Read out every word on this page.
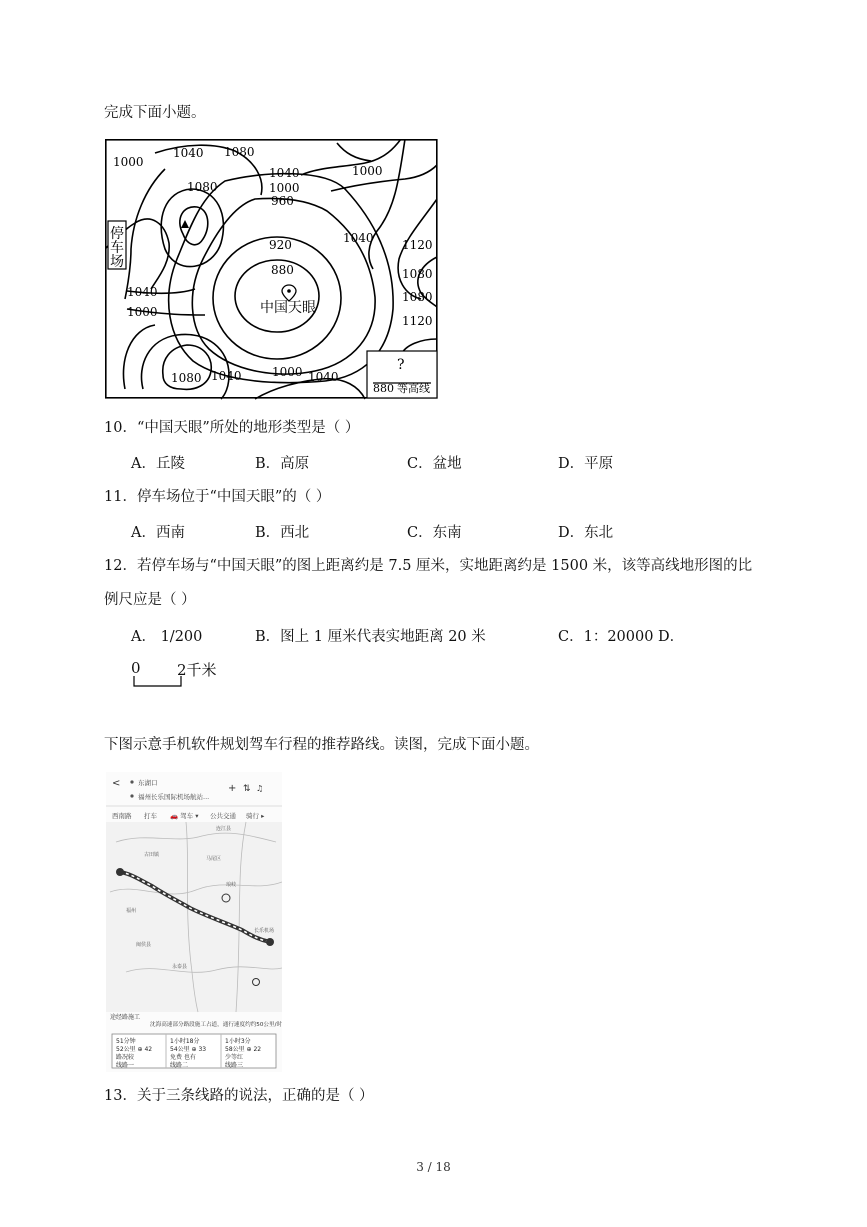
完成下面小题。
1000
1040 1080
1080
1040
1000
960
1000
1040 1120
920
880	1080
1040
1000
1080
1120
1080 1040	1000 1040
停
车
场
中国天眼
?
880 等高线
10．“中国天眼”所处的地形类型是（ ）
A．丘陵	B．高原	C．盆地	D．平原
11．停车场位于“中国天眼”的（ ）
A．西南	B．西北	C．东南	D．东北
12．若停车场与“中国天眼”的图上距离约是 7.5 厘米，实地距离约是 1500 米，该等高线地形图的比
例尺应是（ ）
A． 1/200	B．图上 1 厘米代表实地距离 20 米	C．1：20000 D．
0 2千米
下图示意手机软件规划驾车行程的推荐路线。读图，完成下面小题。
<	东湖口
福州长乐国际机场航站...
+ ⇅ ♫
西南路 打车 🚗 驾车 ▾ 公共交通 骑行 ▸
连江县
古田镇
马尾区
长乐机场
琅岐
福州
永泰县
闽侯县
途经路施工
沈海高速部分路段施工占道，通行速度约约50公里/时
51分钟
52公里 ⊕ 42
路况较
线路一
1小时18分
54公里 ⊕ 33
免费 也有
线路二
1小时3分
58公里 ⊕ 22
少等红
线路三
13．关于三条线路的说法，正确的是（ ）
3 / 18
